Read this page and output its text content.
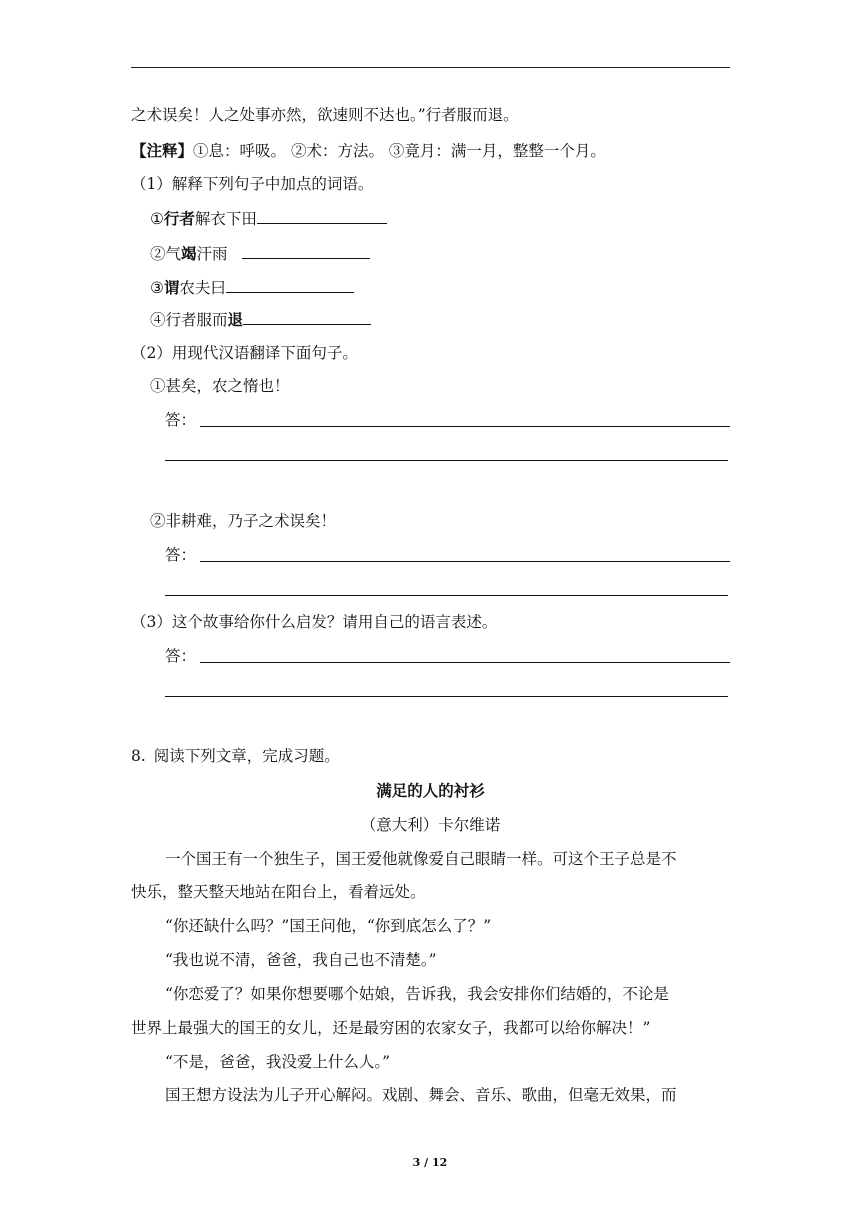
之术误矣！人之处事亦然，欲速则不达也。”行者服而退。
【注释】①息：呼吸。 ②术：方法。 ③竟月：满一月，整整一个月。
（1）解释下列句子中加点的词语。
①行者解衣下田
②气竭汗雨
③谓农夫曰
④行者服而退
（2）用现代汉语翻译下面句子。
①甚矣，农之惰也！
答：
②非耕难，乃子之术误矣！
答：
（3）这个故事给你什么启发？请用自己的语言表述。
答：
8. 阅读下列文章，完成习题。
满足的人的衬衫
（意大利）卡尔维诺
一个国王有一个独生子，国王爱他就像爱自己眼睛一样。可这个王子总是不
快乐，整天整天地站在阳台上，看着远处。
“你还缺什么吗？”国王问他，“你到底怎么了？”
“我也说不清，爸爸，我自己也不清楚。”
“你恋爱了？如果你想要哪个姑娘，告诉我，我会安排你们结婚的，不论是
世界上最强大的国王的女儿，还是最穷困的农家女子，我都可以给你解决！”
“不是，爸爸，我没爱上什么人。”
国王想方设法为儿子开心解闷。戏剧、舞会、音乐、歌曲，但毫无效果，而
3 / 12
